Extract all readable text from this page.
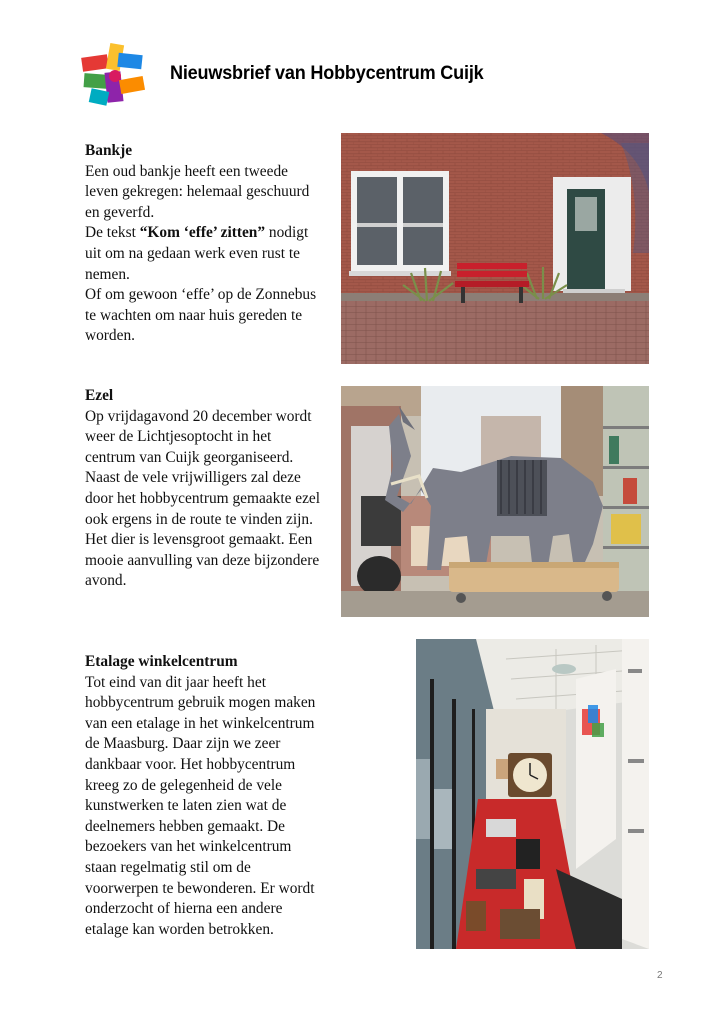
Nieuwsbrief van Hobbycentrum Cuijk

Bankje

Een oud bankje heeft een tweede leven gekregen: helemaal geschuurd en geverfd.

De tekst “Kom ‘effe’ zitten” nodigt uit om na gedaan werk even rust te nemen.

Of om gewoon ‘effe’ op de Zonnebus te wachten om naar huis gereden te worden.

Ezel

Op vrijdagavond 20 december wordt weer de Lichtjesoptocht in het centrum van Cuijk georganiseerd. Naast de vele vrijwilligers zal deze door het hobbycentrum gemaakte ezel ook ergens in de route te vinden zijn. Het dier is levensgroot gemaakt. Een mooie aanvulling van deze bijzondere avond.

Etalage winkelcentrum

Tot eind van dit jaar heeft het hobbycentrum gebruik mogen maken van een etalage in het winkelcentrum de Maasburg. Daar zijn we zeer dankbaar voor. Het hobbycentrum kreeg zo de gelegenheid de vele kunstwerken te laten zien wat de deelnemers hebben gemaakt. De bezoekers van het winkelcentrum staan regelmatig stil om de voorwerpen te bewonderen. Er wordt onderzocht of hierna een andere etalage kan worden betrokken.

2
